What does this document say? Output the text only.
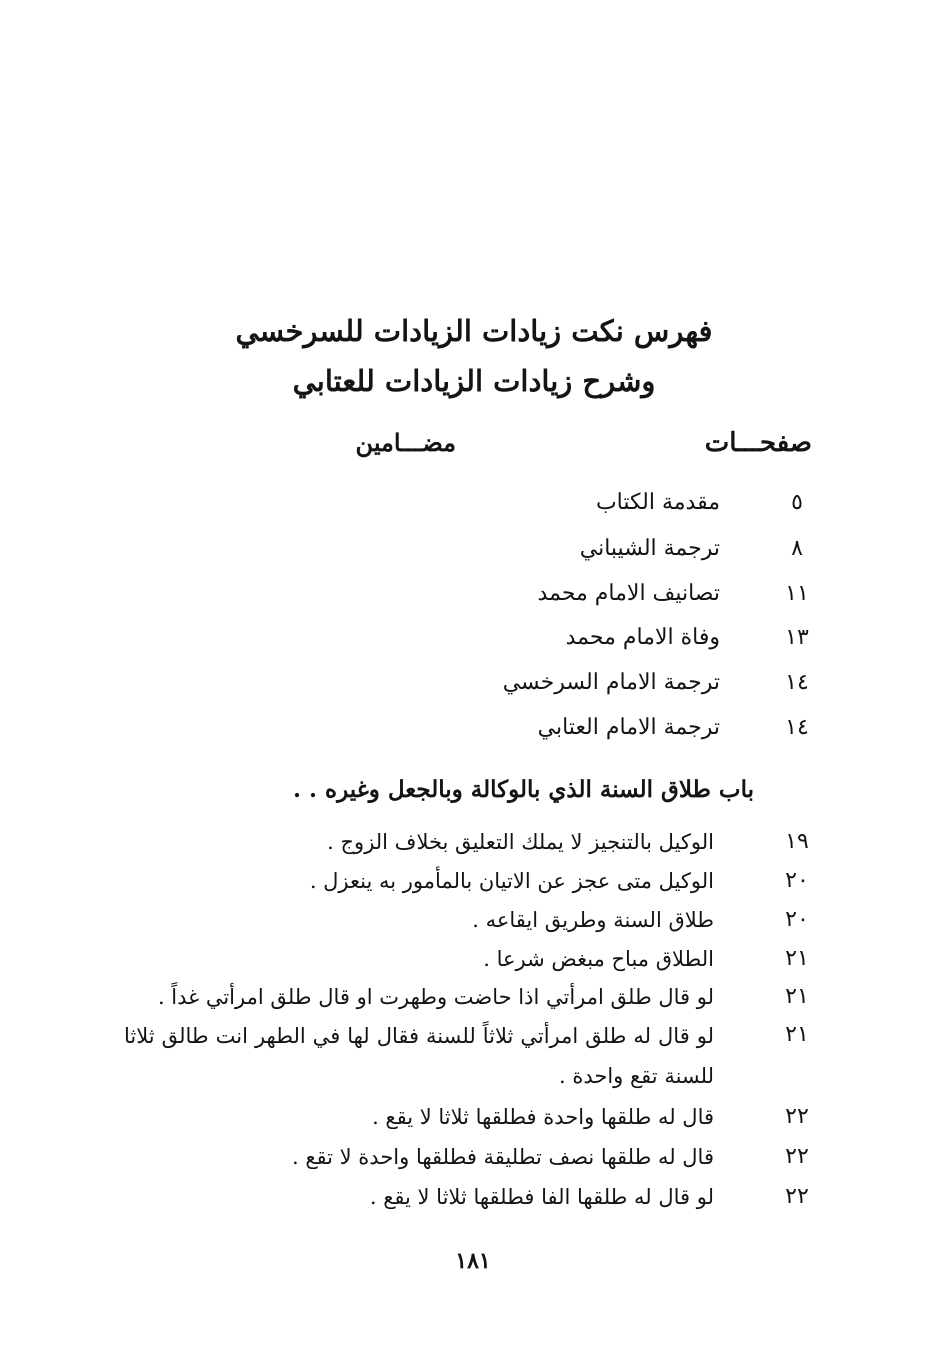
فهرس نكت زيادات الزيادات للسرخسي
وشرح زيادات الزيادات للعتابي
صفحـــات
مضـــامين
٥
مقدمة الكتاب
٨
ترجمة الشيباني
١١
تصانيف الامام محمد
١٣
وفاة الامام محمد
١٤
ترجمة الامام السرخسي
١٤
ترجمة الامام العتابي
باب طلاق السنة الذي بالوكالة وبالجعل وغيره . .
١٩
الوكيل بالتنجيز لا يملك التعليق بخلاف الزوج .
٢٠
الوكيل متى عجز عن الاتيان بالمأمور به ينعزل .
٢٠
طلاق السنة وطريق ايقاعه .
٢١
الطلاق مباح مبغض شرعا .
٢١
لو قال طلق امرأتي اذا حاضت وطهرت او قال طلق امرأتي غداً .
٢١
لو قال له طلق امرأتي ثلاثاً للسنة فقال لها في الطهر انت طالق ثلاثا للسنة تقع واحدة .
٢٢
قال له طلقها واحدة فطلقها ثلاثا لا يقع .
٢٢
قال له طلقها نصف تطليقة فطلقها واحدة لا تقع .
٢٢
لو قال له طلقها الفا فطلقها ثلاثا لا يقع .
١٨١
